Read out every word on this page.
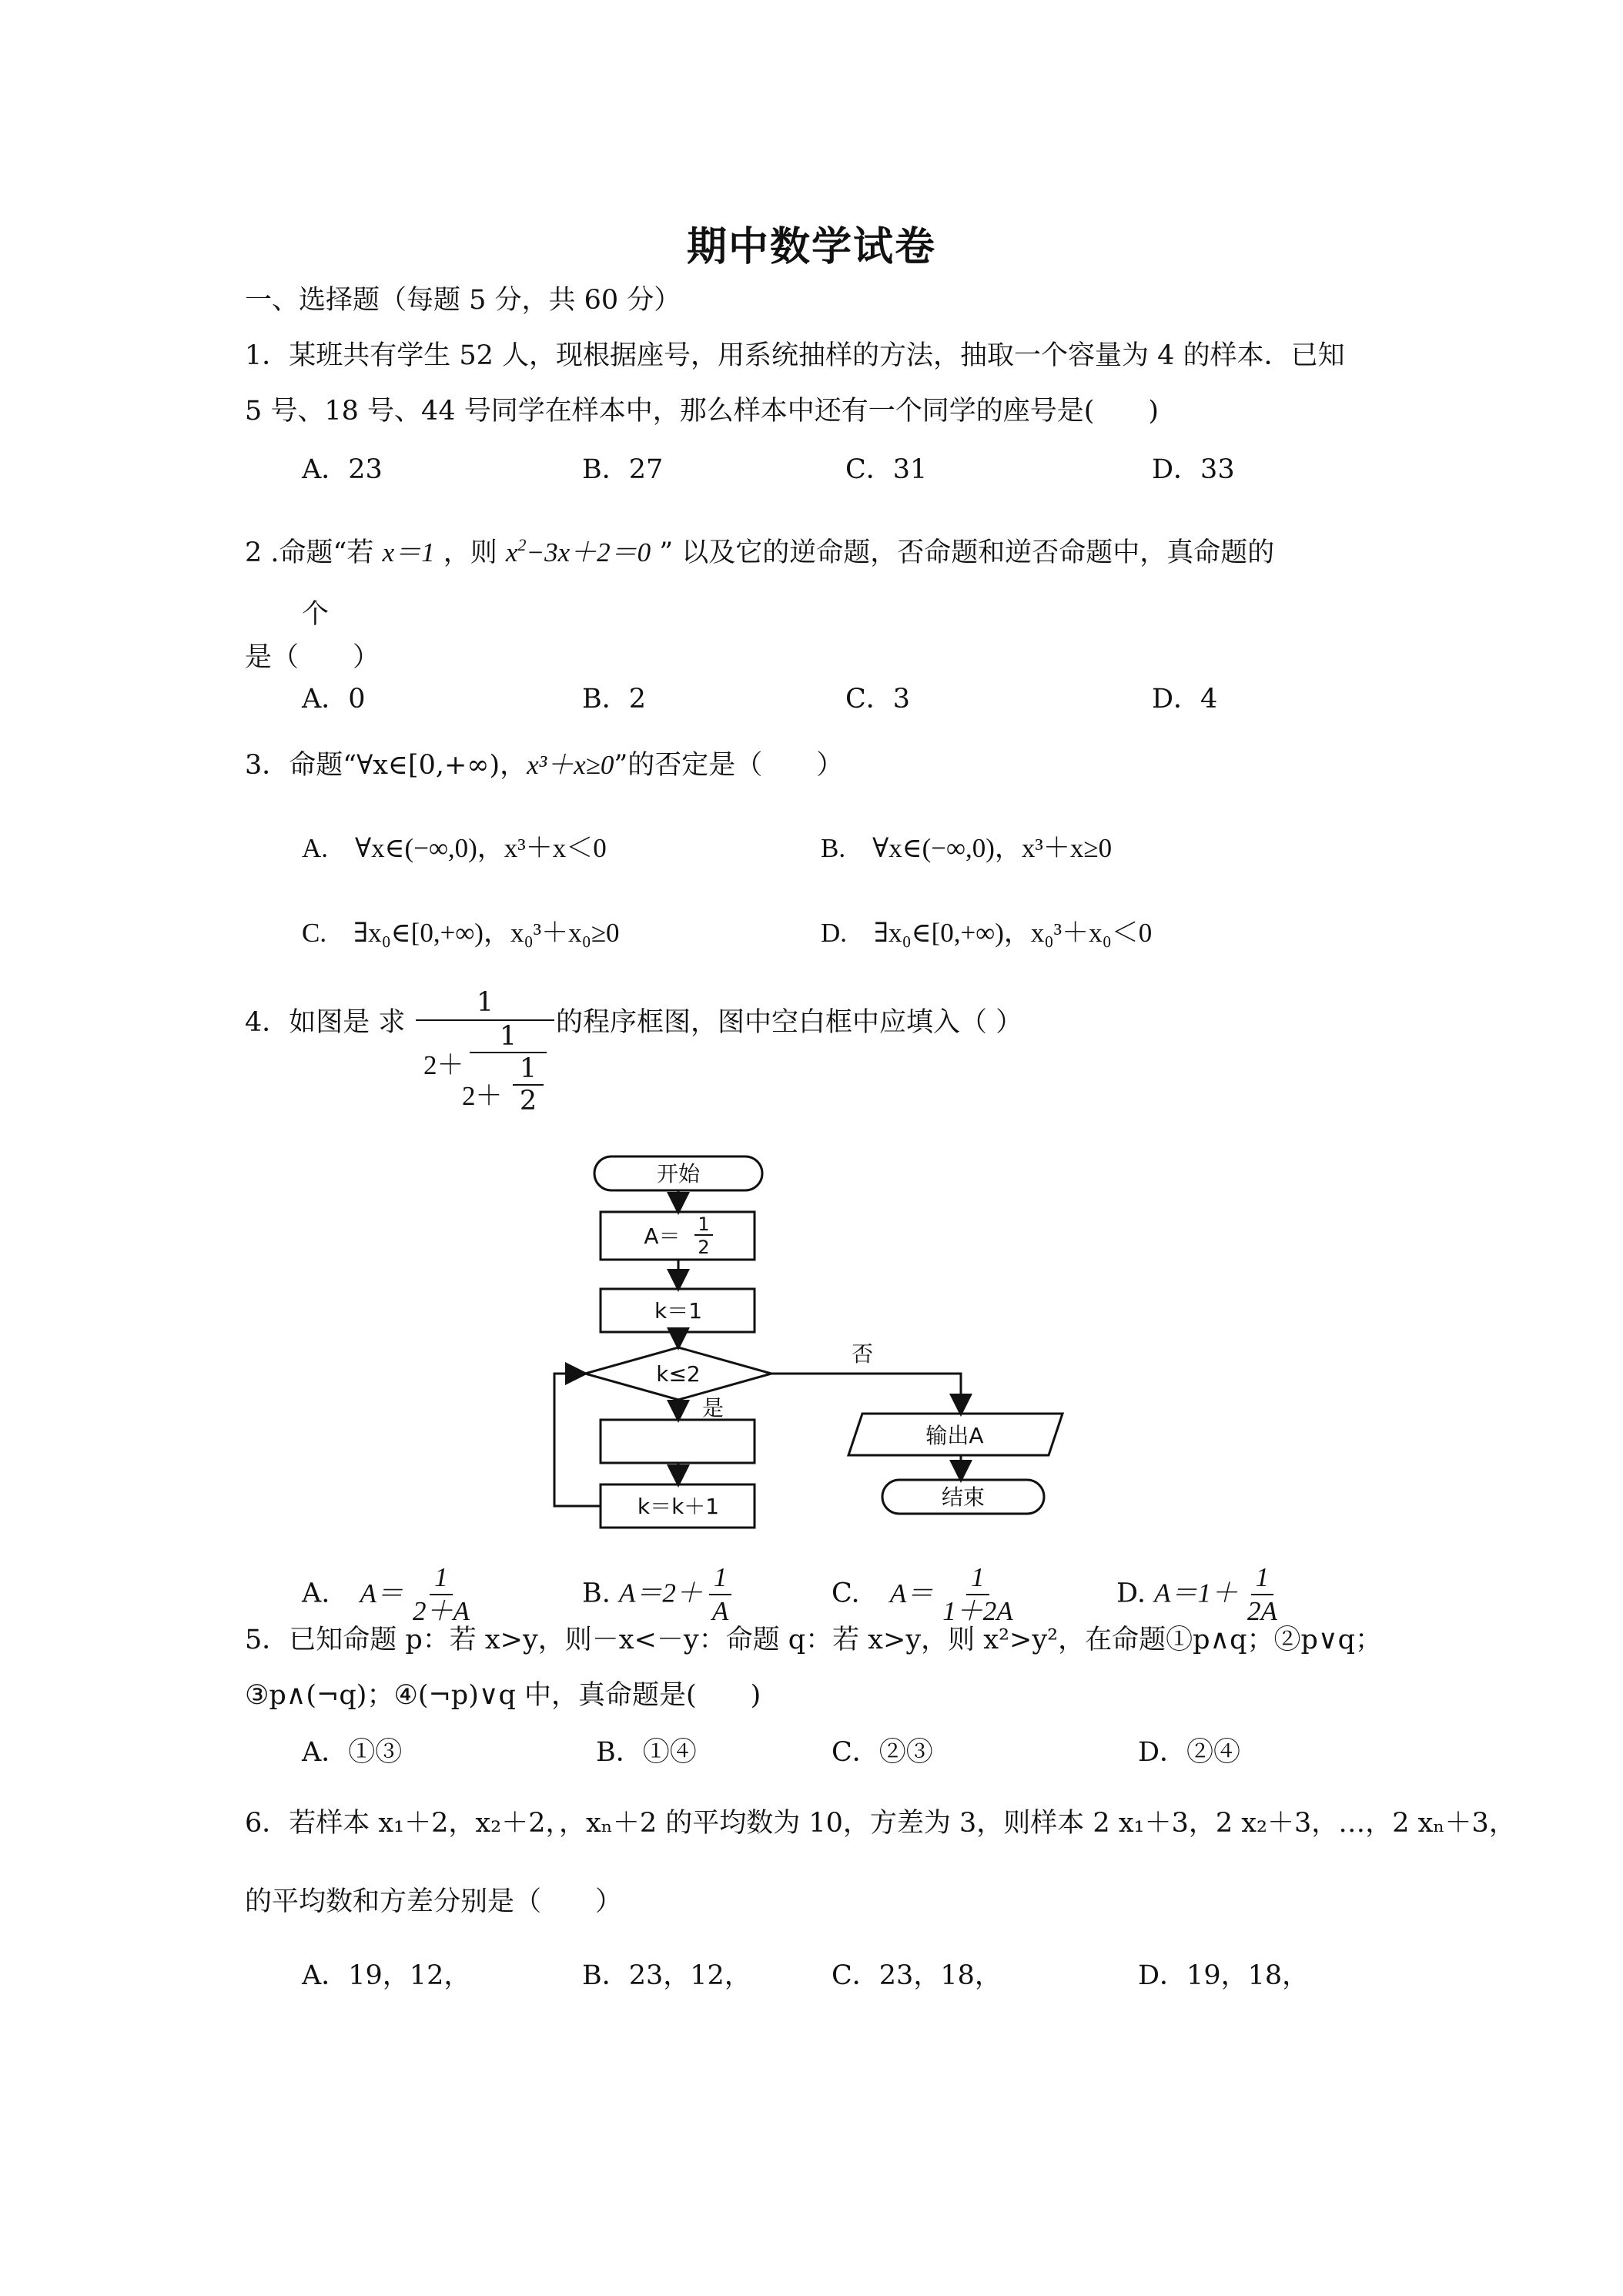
期中数学试卷
一、选择题（每题 5 分，共 60 分）
1．某班共有学生 52 人，现根据座号，用系统抽样的方法，抽取一个容量为 4 的样本．已知
5 号、18 号、44 号同学在样本中，那么样本中还有一个同学的座号是(　　)
A．23	B．27	C．31	D．33
2 .命题“若 x＝1 ，则 $x^2-3x+2=0$ ” 以及它的逆命题，否命题和逆否命题中，真命题的
个
是（　　）
A．0	B．2	C．3	D．4
3．命题“∀x∈[0,+∞)，x³＋x≥0”的否定是（　　）
A.　∀x∈(−∞,0)，x³＋x＜0	B.　∀x∈(−∞,0)，x³＋x≥0
C.　∃x₀∈[0,+∞)，x₀³＋x₀≥0	D.　∃x₀∈[0,+∞)，x₀³＋x₀＜0
4．如图是 求
1
2＋
1
2＋
1
2
的程序框图，图中空白框中应填入（ ）
开始
A＝ 1
2
k＝1
k≤2
否
是
k＝k＋1
输出A
结束
A. $A= \frac{1}{2+A}$	B. $A=2+ \frac{1}{A}$	C. $A= \frac{1}{1+2A}$	D. $A=1+ \frac{1}{2A}$
5．已知命题 p：若 x>y，则－x<－y：命题 q：若 x>y，则 x²>y²，在命题①p∧q；②p∨q；
③p∧(¬q)；④(¬p)∨q 中，真命题是(　　)
A．①③	B．①④	C．②③	D．②④
6．若样本 x₁＋2，x₂＋2，，xₙ＋2 的平均数为 10，方差为 3，则样本 2 x₁＋3，2 x₂＋3，…，2 xₙ＋3，
的平均数和方差分别是（　　）
A．19，12，	B．23，12，	C．23，18，	D．19，18，
